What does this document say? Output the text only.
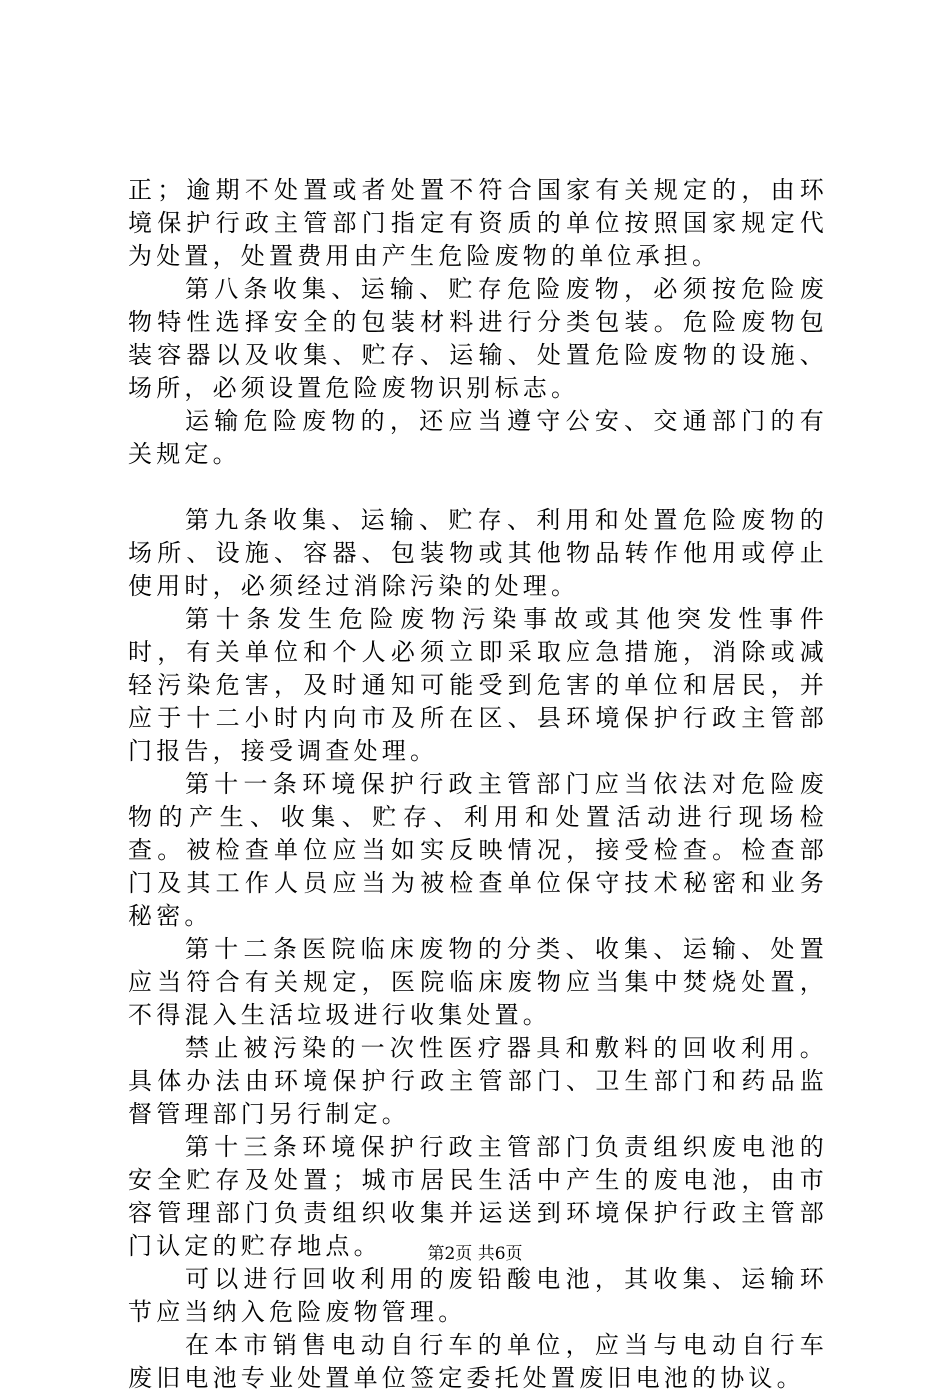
正；逾期不处置或者处置不符合国家有关规定的，由环境保护行政主管部门指定有资质的单位按照国家规定代为处置，处置费用由产生危险废物的单位承担。

第八条收集、运输、贮存危险废物，必须按危险废物特性选择安全的包装材料进行分类包装。危险废物包装容器以及收集、贮存、运输、处置危险废物的设施、场所，必须设置危险废物识别标志。

运输危险废物的，还应当遵守公安、交通部门的有关规定。

第九条收集、运输、贮存、利用和处置危险废物的场所、设施、容器、包装物或其他物品转作他用或停止使用时，必须经过消除污染的处理。

第十条发生危险废物污染事故或其他突发性事件时，有关单位和个人必须立即采取应急措施，消除或减轻污染危害，及时通知可能受到危害的单位和居民，并应于十二小时内向市及所在区、县环境保护行政主管部门报告，接受调查处理。

第十一条环境保护行政主管部门应当依法对危险废物的产生、收集、贮存、利用和处置活动进行现场检查。被检查单位应当如实反映情况，接受检查。检查部门及其工作人员应当为被检查单位保守技术秘密和业务秘密。

第十二条医院临床废物的分类、收集、运输、处置应当符合有关规定，医院临床废物应当集中焚烧处置，不得混入生活垃圾进行收集处置。

禁止被污染的一次性医疗器具和敷料的回收利用。具体办法由环境保护行政主管部门、卫生部门和药品监督管理部门另行制定。

第十三条环境保护行政主管部门负责组织废电池的安全贮存及处置；城市居民生活中产生的废电池，由市容管理部门负责组织收集并运送到环境保护行政主管部门认定的贮存地点。

可以进行回收利用的废铅酸电池，其收集、运输环节应当纳入危险废物管理。

在本市销售电动自行车的单位，应当与电动自行车废旧电池专业处置单位签定委托处置废旧电池的协议。

第2页 共6页
